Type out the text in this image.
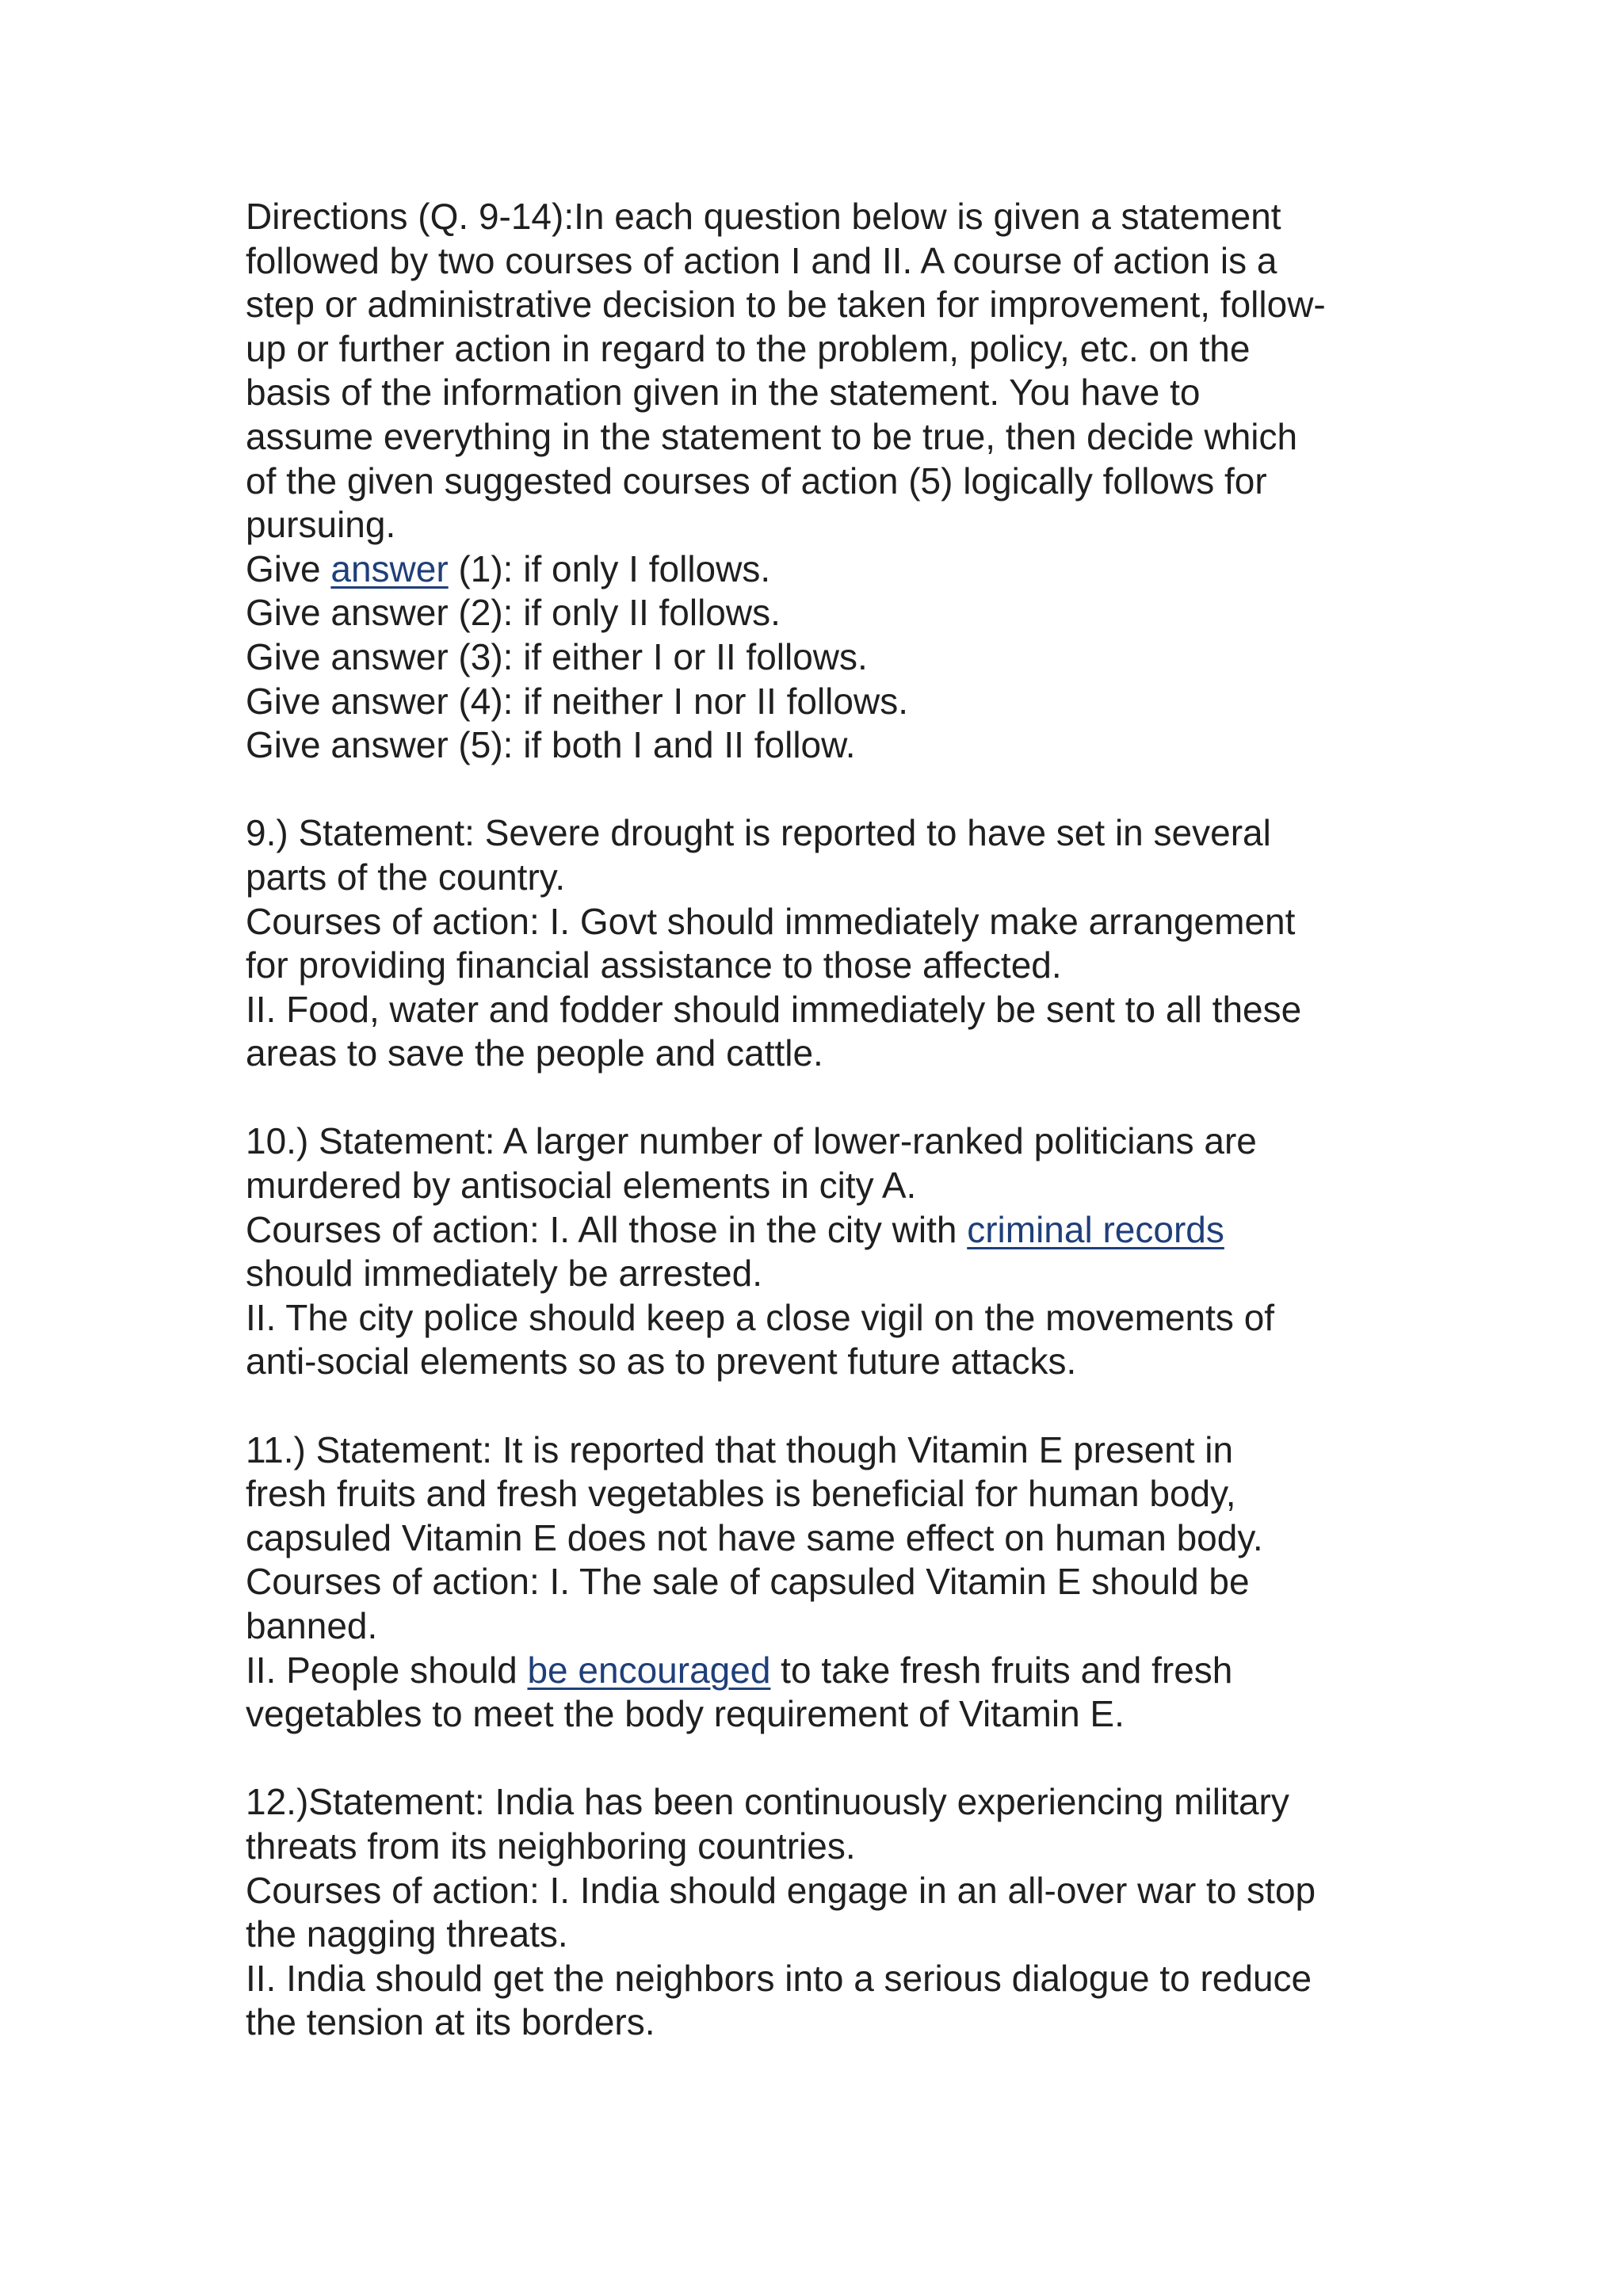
Directions (Q. 9-14):In each question below is given a statement
followed by two courses of action I and II. A course of action is a
step or administrative decision to be taken for improvement, follow-
up or further action in regard to the problem, policy, etc. on the
basis of the information given in the statement. You have to
assume everything in the statement to be true, then decide which
of the given suggested courses of action (5) logically follows for
pursuing.
Give answer (1): if only I follows.
Give answer (2): if only II follows.
Give answer (3): if either I or II follows.
Give answer (4): if neither I nor II follows.
Give answer (5): if both I and II follow.
9.) Statement: Severe drought is reported to have set in several
parts of the country.
Courses of action: I. Govt should immediately make arrangement
for providing financial assistance to those affected.
II. Food, water and fodder should immediately be sent to all these
areas to save the people and cattle.
10.) Statement: A larger number of lower-ranked politicians are
murdered by antisocial elements in city A.
Courses of action: I. All those in the city with criminal records
should immediately be arrested.
II. The city police should keep a close vigil on the movements of
anti-social elements so as to prevent future attacks.
11.) Statement: It is reported that though Vitamin E present in
fresh fruits and fresh vegetables is beneficial for human body,
capsuled Vitamin E does not have same effect on human body.
Courses of action: I. The sale of capsuled Vitamin E should be
banned.
II. People should be encouraged to take fresh fruits and fresh
vegetables to meet the body requirement of Vitamin E.
12.)Statement: India has been continuously experiencing military
threats from its neighboring countries.
Courses of action: I. India should engage in an all-over war to stop
the nagging threats.
II. India should get the neighbors into a serious dialogue to reduce
the tension at its borders.
